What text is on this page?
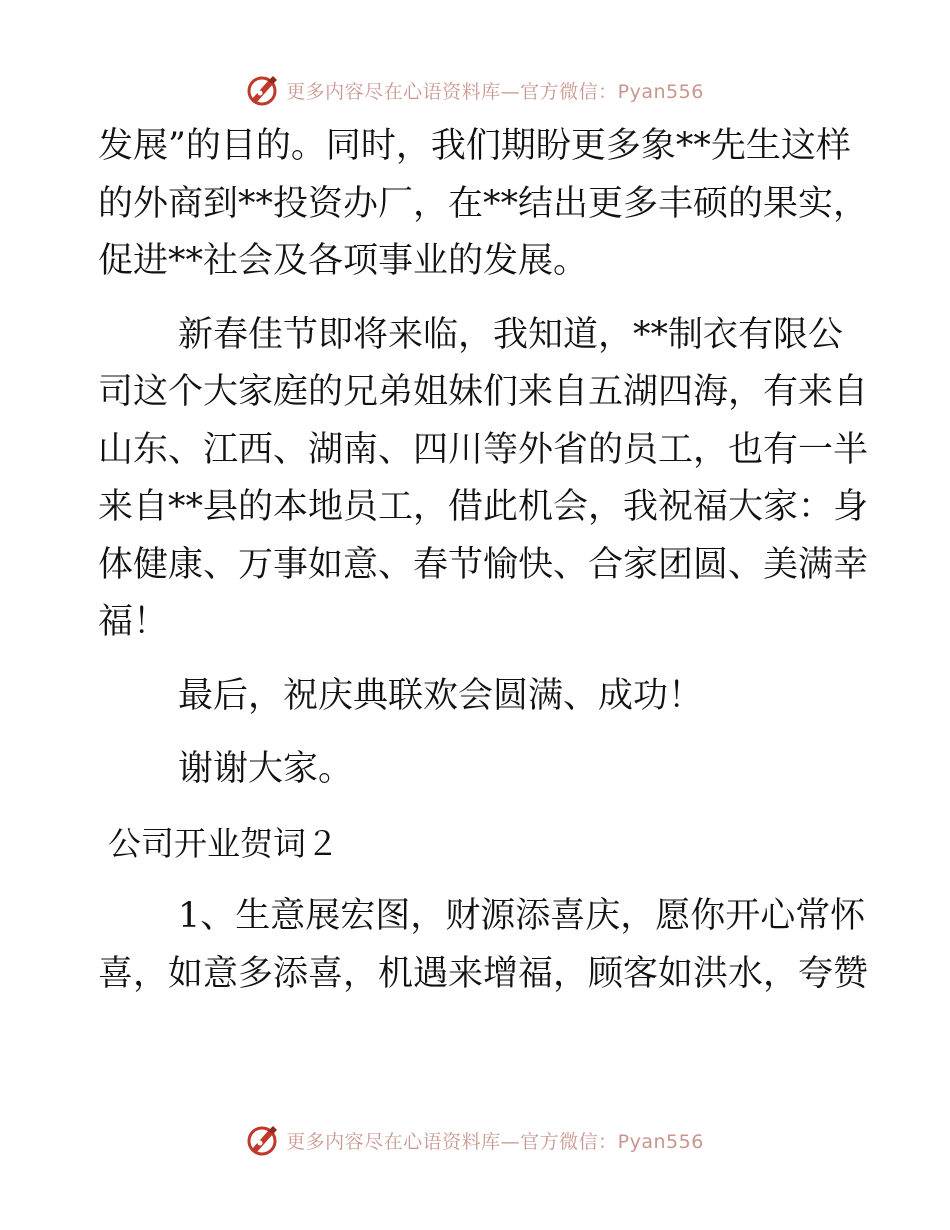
更多内容尽在心语资料库—官方微信：Pyan556
发展”的目的。同时，我们期盼更多象**先生这样
的外商到**投资办厂，在**结出更多丰硕的果实，
促进**社会及各项事业的发展。
新春佳节即将来临，我知道，**制衣有限公
司这个大家庭的兄弟姐妹们来自五湖四海，有来自
山东、江西、湖南、四川等外省的员工，也有一半
来自**县的本地员工，借此机会，我祝福大家：身
体健康、万事如意、春节愉快、合家团圆、美满幸
福！
最后，祝庆典联欢会圆满、成功！
谢谢大家。
公司开业贺词２
1、生意展宏图，财源添喜庆，愿你开心常怀
喜，如意多添喜，机遇来增福，顾客如洪水，夸赞
更多内容尽在心语资料库—官方微信：Pyan556
